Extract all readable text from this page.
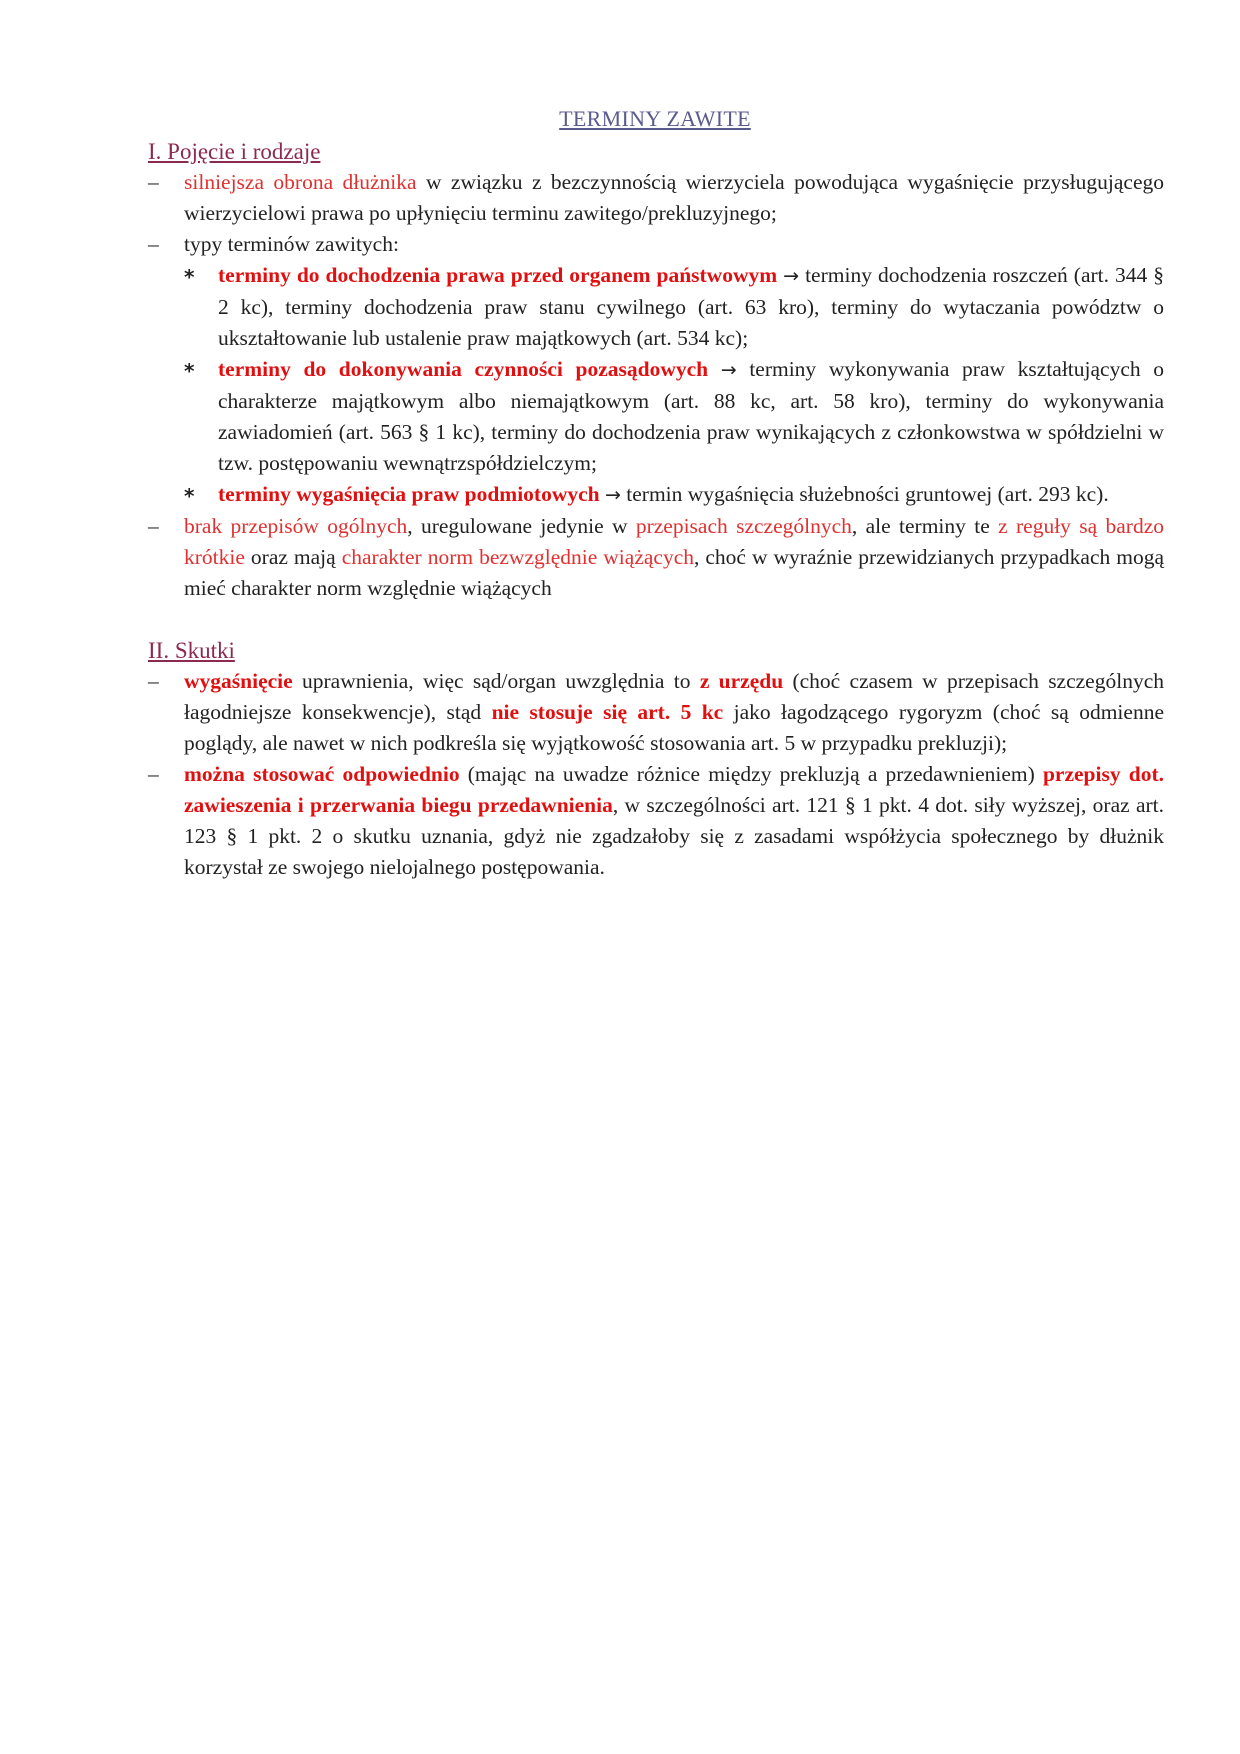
TERMINY ZAWITE
I. Pojęcie i rodzaje
–	silniejsza obrona dłużnika w związku z bezczynnością wierzyciela powodująca wygaśnięcie przysługującego wierzycielowi prawa po upłynięciu terminu zawitego/prekluzyjnego;
–	typy terminów zawitych:
* terminy do dochodzenia prawa przed organem państwowym → terminy dochodzenia roszczeń (art. 344 § 2 kc), terminy dochodzenia praw stanu cywilnego (art. 63 kro), terminy do wytaczania powództw o ukształtowanie lub ustalenie praw majątkowych (art. 534 kc);
* terminy do dokonywania czynności pozasądowych → terminy wykonywania praw kształtujących o charakterze majątkowym albo niemajątkowym (art. 88 kc, art. 58 kro), terminy do wykonywania zawiadomień (art. 563 § 1 kc), terminy do dochodzenia praw wynikających z członkowstwa w spółdzielni w tzw. postępowaniu wewnątrzspółdzielczym;
* terminy wygaśnięcia praw podmiotowych → termin wygaśnięcia służebności gruntowej (art. 293 kc).
–	brak przepisów ogólnych, uregulowane jedynie w przepisach szczególnych, ale terminy te z reguły są bardzo krótkie oraz mają charakter norm bezwzględnie wiążących, choć w wyraźnie przewidzianych przypadkach mogą mieć charakter norm względnie wiążących
II. Skutki
–	wygaśnięcie uprawnienia, więc sąd/organ uwzględnia to z urzędu (choć czasem w przepisach szczególnych łagodniejsze konsekwencje), stąd nie stosuje się art. 5 kc jako łagodzącego rygoryzm (choć są odmienne poglądy, ale nawet w nich podkreśla się wyjątkowość stosowania art. 5 w przypadku prekluzji);
–	można stosować odpowiednio (mając na uwadze różnice między prekluzją a przedawnieniem) przepisy dot. zawieszenia i przerwania biegu przedawnienia, w szczególności art. 121 § 1 pkt. 4 dot. siły wyższej, oraz art. 123 § 1 pkt. 2 o skutku uznania, gdyż nie zgadzałoby się z zasadami współżycia społecznego by dłużnik korzystał ze swojego nielojalnego postępowania.
